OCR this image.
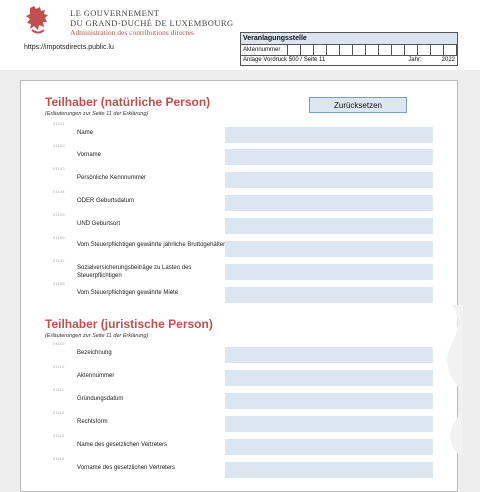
LE GOUVERNEMENT
DU GRAND-DUCHÉ DE LUXEMBOURG
Administration des contributions directes
https://impotsdirects.public.lu
Veranlagungsstelle
Aktennummer
Anlage Vordruck 500 / Seite 11	Jahr:	2022
Teilhaber (natürliche Person)
(Erläuterungen zur Seite 11 der Erklärung)
Zurücksetzen
01101
Name
01102
Vorname
01103
Persönliche Kennnummer
01104
ODER Geburtsdatum
01105
UND Geburtsort
01106
Vom Steuerpflichtigen gewährte jährliche Bruttogehälter
01107
Sozialversicherungsbeiträge zu Lasten des Steuerpflichtigen
01108
Vom Steuerpflichtigen gewährte Miete
Teilhaber (juristische Person)
(Erläuterungen zur Seite 11 der Erklärung)
01109
Bezeichnung
01110
Aktennummer
01111
Gründungsdatum
01112
Rechtsform
01113
Name des gesetzlichen Vertreters
01114
Vorname des gesetzlichen Vertreters
